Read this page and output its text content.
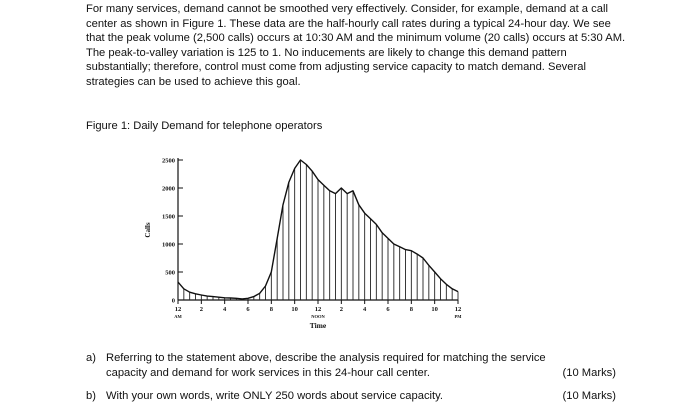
For many services, demand cannot be smoothed very effectively. Consider, for example, demand at a call center as shown in Figure 1. These data are the half-hourly call rates during a typical 24-hour day. We see that the peak volume (2,500 calls) occurs at 10:30 AM and the minimum volume (20 calls) occurs at 5:30 AM. The peak-to-valley variation is 125 to 1. No inducements are likely to change this demand pattern substantially; therefore, control must come from adjusting service capacity to match demand. Several strategies can be used to achieve this goal.

Figure 1: Daily Demand for telephone operators

Calls
Time
0
500
1000
1500
2000
2500
12
AM
2	4	6	8	10	12
NOON
2	4	6	8	10	12
PM
a) Referring to the statement above, describe the analysis required for matching the service capacity and demand for work services in this 24-hour call center.	(10 Marks)
b) With your own words, write ONLY 250 words about service capacity.	(10 Marks)
